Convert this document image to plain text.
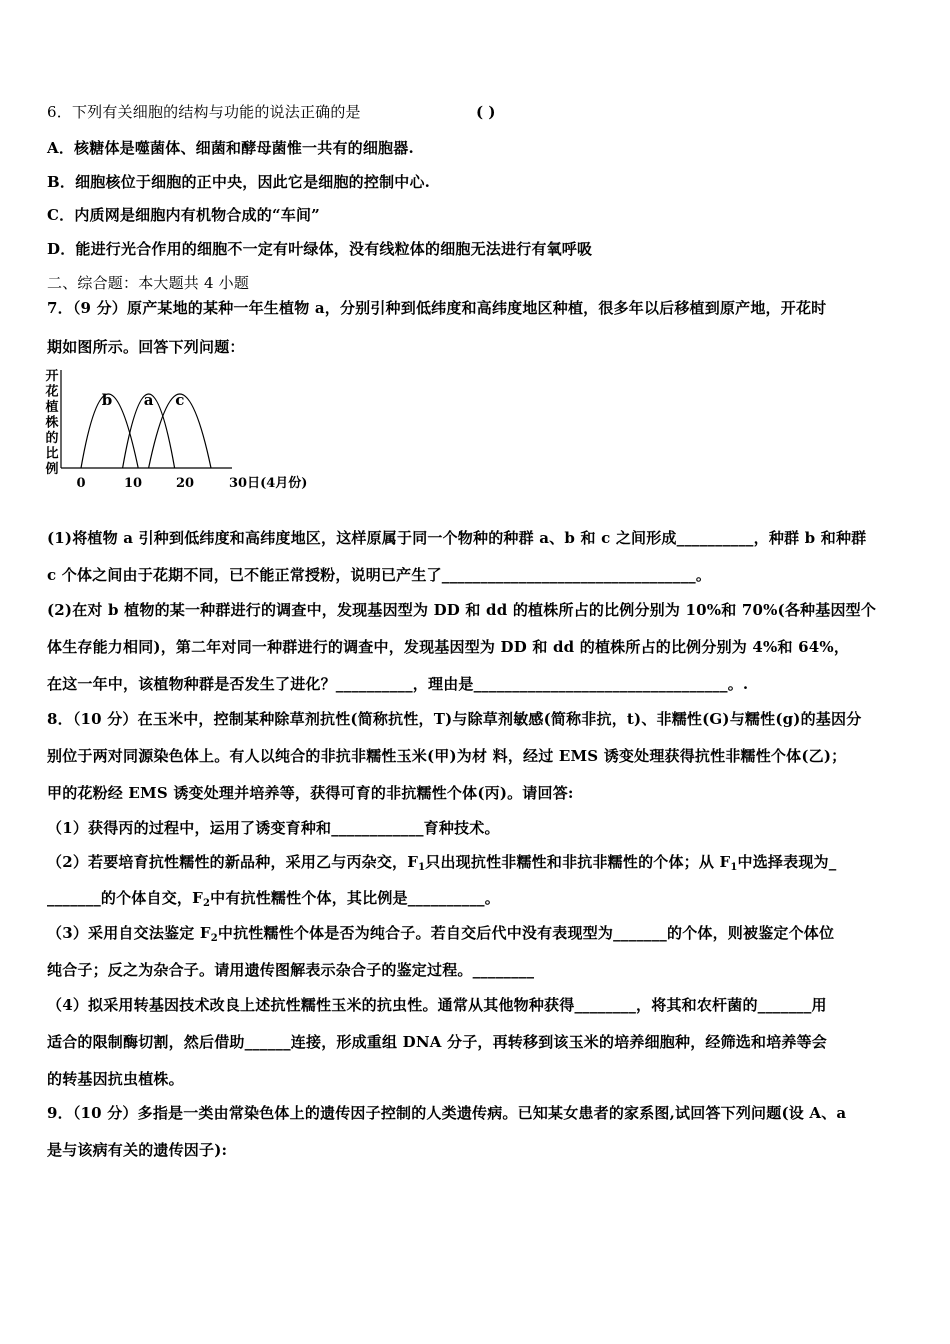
6．下列有关细胞的结构与功能的说法正确的是	( )
A．核糖体是噬菌体、细菌和酵母菌惟一共有的细胞器.
B．细胞核位于细胞的正中央，因此它是细胞的控制中心.
C．内质网是细胞内有机物合成的“车间”
D．能进行光合作用的细胞不一定有叶绿体，没有线粒体的细胞无法进行有氧呼吸
二、综合题：本大题共 4 小题
7．（9 分）原产某地的某种一年生植物 a，分别引种到低纬度和高纬度地区种植，很多年以后移植到原产地，开花时
期如图所示。回答下列问题：
开花植株的比例
b a c
0	10	20	30日(4月份)
(1)将植物 a 引种到低纬度和高纬度地区，这样原属于同一个物种的种群 a、b 和 c 之间形成__________，种群 b 和种群
c 个体之间由于花期不同，已不能正常授粉，说明已产生了_________________________________。
(2)在对 b 植物的某一种群进行的调查中，发现基因型为 DD 和 dd 的植株所占的比例分别为 10%和 70%(各种基因型个
体生存能力相同)，第二年对同一种群进行的调查中，发现基因型为 DD 和 dd 的植株所占的比例分别为 4%和 64%，
在这一年中，该植物种群是否发生了进化？__________，理由是_________________________________。.
8．（10 分）在玉米中，控制某种除草剂抗性(简称抗性，T)与除草剂敏感(简称非抗，t)、非糯性(G)与糯性(g)的基因分
别位于两对同源染色体上。有人以纯合的非抗非糯性玉米(甲)为材 料，经过 EMS 诱变处理获得抗性非糯性个体(乙)；
甲的花粉经 EMS 诱变处理并培养等，获得可育的非抗糯性个体(丙)。请回答:
（1）获得丙的过程中，运用了诱变育种和____________育种技术。
（2）若要培育抗性糯性的新品种，采用乙与丙杂交，$F_1$只出现抗性非糯性和非抗非糯性的个体；从 $F_1$中选择表现为_
_______的个体自交，$F_2$中有抗性糯性个体，其比例是__________。
（3）采用自交法鉴定 $F_2$中抗性糯性个体是否为纯合子。若自交后代中没有表现型为_______的个体，则被鉴定个体位
纯合子；反之为杂合子。请用遗传图解表示杂合子的鉴定过程。________
（4）拟采用转基因技术改良上述抗性糯性玉米的抗虫性。通常从其他物种获得________，将其和农杆菌的_______用
适合的限制酶切割，然后借助______连接，形成重组 DNA 分子，再转移到该玉米的培养细胞种，经筛选和培养等会
的转基因抗虫植株。
9．（10 分）多指是一类由常染色体上的遗传因子控制的人类遗传病。已知某女患者的家系图,试回答下列问题(设 A、a
是与该病有关的遗传因子):
